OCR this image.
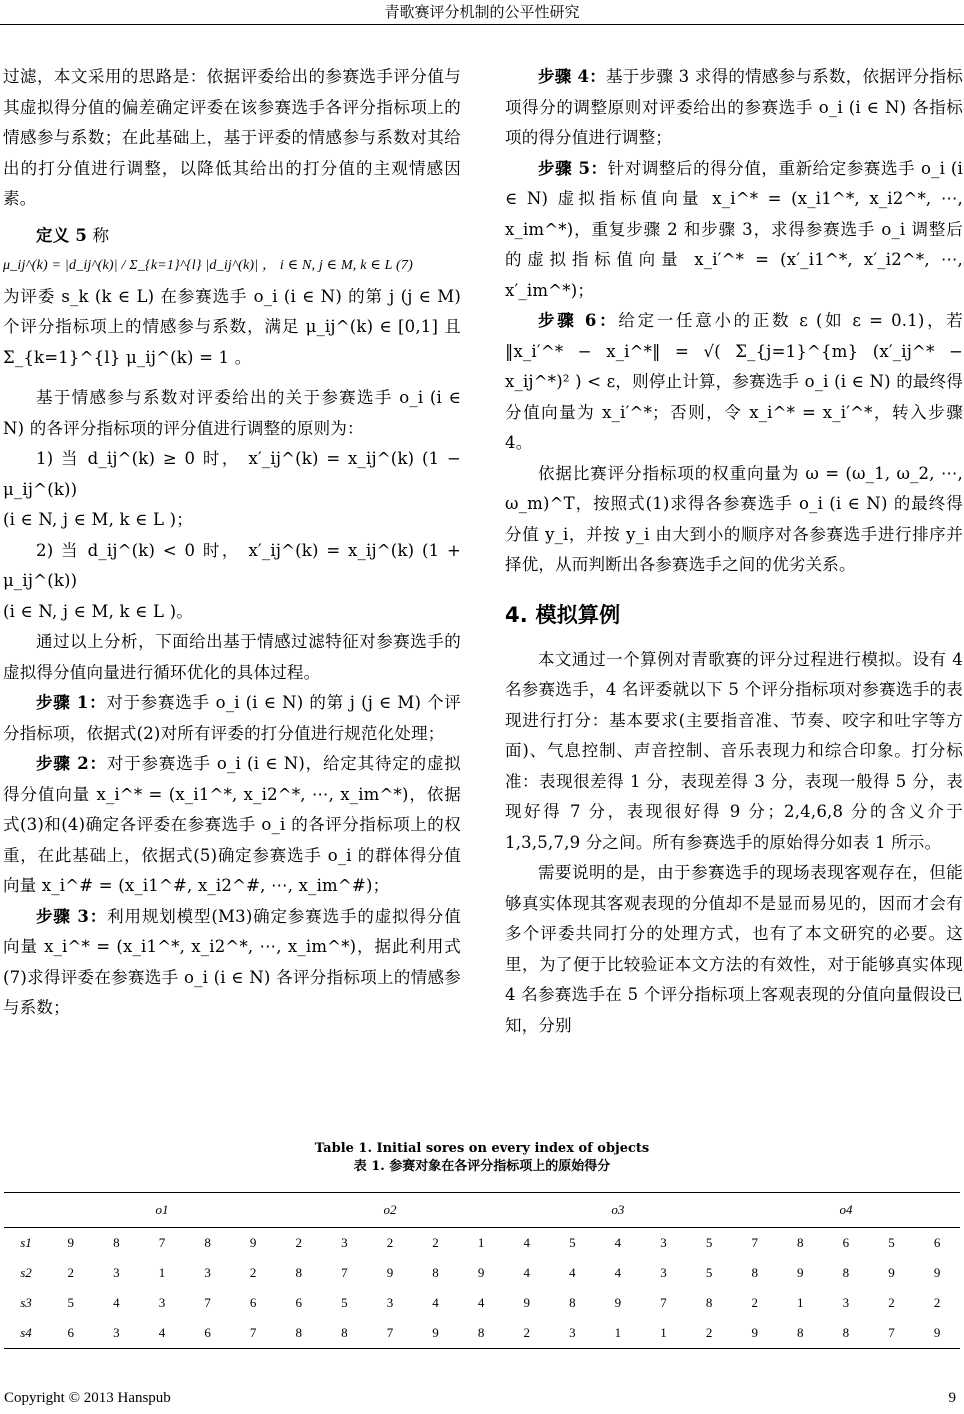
青歌赛评分机制的公平性研究

过滤，本文采用的思路是：依据评委给出的参赛选手评分值与其虚拟得分值的偏差确定评委在该参赛选手各评分指标项上的情感参与系数；在此基础上，基于评委的情感参与系数对其给出的打分值进行调整，以降低其给出的打分值的主观情感因素。

定义 5 称

μ_ij^(k) = |d_ij^(k)| / Σ_{k=1}^{l} |d_ij^(k)| ， i ∈ N, j ∈ M, k ∈ L (7)

为评委 s_k (k ∈ L) 在参赛选手 o_i (i ∈ N) 的第 j (j ∈ M) 个评分指标项上的情感参与系数，满足 μ_ij^(k) ∈ [0,1] 且 Σ_{k=1}^{l} μ_ij^(k) = 1 。

基于情感参与系数对评委给出的关于参赛选手 o_i (i ∈ N) 的各评分指标项的评分值进行调整的原则为：

1) 当 d_ij^(k) ≥ 0 时， x′_ij^(k) = x_ij^(k) (1 − μ_ij^(k))

(i ∈ N, j ∈ M, k ∈ L )；

2) 当 d_ij^(k) < 0 时， x′_ij^(k) = x_ij^(k) (1 + μ_ij^(k))

(i ∈ N, j ∈ M, k ∈ L )。

通过以上分析，下面给出基于情感过滤特征对参赛选手的虚拟得分值向量进行循环优化的具体过程。

步骤 1：对于参赛选手 o_i (i ∈ N) 的第 j (j ∈ M) 个评分指标项，依据式(2)对所有评委的打分值进行规范化处理；

步骤 2：对于参赛选手 o_i (i ∈ N)，给定其待定的虚拟得分值向量 x_i^* = (x_i1^*, x_i2^*, ⋯, x_im^*)，依据式(3)和(4)确定各评委在参赛选手 o_i 的各评分指标项上的权重，在此基础上，依据式(5)确定参赛选手 o_i 的群体得分值向量 x_i^# = (x_i1^#, x_i2^#, ⋯, x_im^#)；

步骤 3：利用规划模型(M3)确定参赛选手的虚拟得分值向量 x_i^* = (x_i1^*, x_i2^*, ⋯, x_im^*)，据此利用式(7)求得评委在参赛选手 o_i (i ∈ N) 各评分指标项上的情感参与系数；

步骤 4：基于步骤 3 求得的情感参与系数，依据评分指标项得分的调整原则对评委给出的参赛选手 o_i (i ∈ N) 各指标项的得分值进行调整；

步骤 5：针对调整后的得分值，重新给定参赛选手 o_i (i ∈ N) 虚拟指标值向量 x_i^* = (x_i1^*, x_i2^*, ⋯, x_im^*)，重复步骤 2 和步骤 3，求得参赛选手 o_i 调整后的虚拟指标值向量 x_i′^* = (x′_i1^*, x′_i2^*, ⋯, x′_im^*)；

步骤 6：给定一任意小的正数 ε (如 ε = 0.1)，若 ‖x_i′^* − x_i^*‖ = √( Σ_{j=1}^{m} (x′_ij^* − x_ij^*)² ) < ε，则停止计算，参赛选手 o_i (i ∈ N) 的最终得分值向量为 x_i′^*；否则，令 x_i^* = x_i′^*，转入步骤 4。

依据比赛评分指标项的权重向量为 ω = (ω_1, ω_2, ⋯, ω_m)^T，按照式(1)求得各参赛选手 o_i (i ∈ N) 的最终得分值 y_i，并按 y_i 由大到小的顺序对各参赛选手进行排序并择优，从而判断出各参赛选手之间的优劣关系。

4. 模拟算例

本文通过一个算例对青歌赛的评分过程进行模拟。设有 4 名参赛选手，4 名评委就以下 5 个评分指标项对参赛选手的表现进行打分：基本要求(主要指音准、节奏、咬字和吐字等方面)、气息控制、声音控制、音乐表现力和综合印象。打分标准：表现很差得 1 分，表现差得 3 分，表现一般得 5 分，表现好得 7 分，表现很好得 9 分；2,4,6,8 分的含义介于1,3,5,7,9 分之间。所有参赛选手的原始得分如表 1 所示。

需要说明的是，由于参赛选手的现场表现客观存在，但能够真实体现其客观表现的分值却不是显而易见的，因而才会有多个评委共同打分的处理方式，也有了本文研究的必要。这里，为了便于比较验证本文方法的有效性，对于能够真实体现 4 名参赛选手在 5 个评分指标项上客观表现的分值向量假设已知，分别

Table 1. Initial sores on every index of objects
表 1. 参赛对象在各评分指标项上的原始得分
	o1					o2					o3					o4				
s1	9	8	7	8	9	2	3	2	2	1	4	5	4	3	5	7	8	6	5	6
s2	2	3	1	3	2	8	7	9	8	9	4	4	4	3	5	8	9	8	9	9
s3	5	4	3	7	6	6	5	3	4	4	9	8	9	7	8	2	1	3	2	2
s4	6	3	4	6	7	8	8	7	9	8	2	3	1	1	2	9	8	8	7	9
Copyright © 2013 Hanspub	9
